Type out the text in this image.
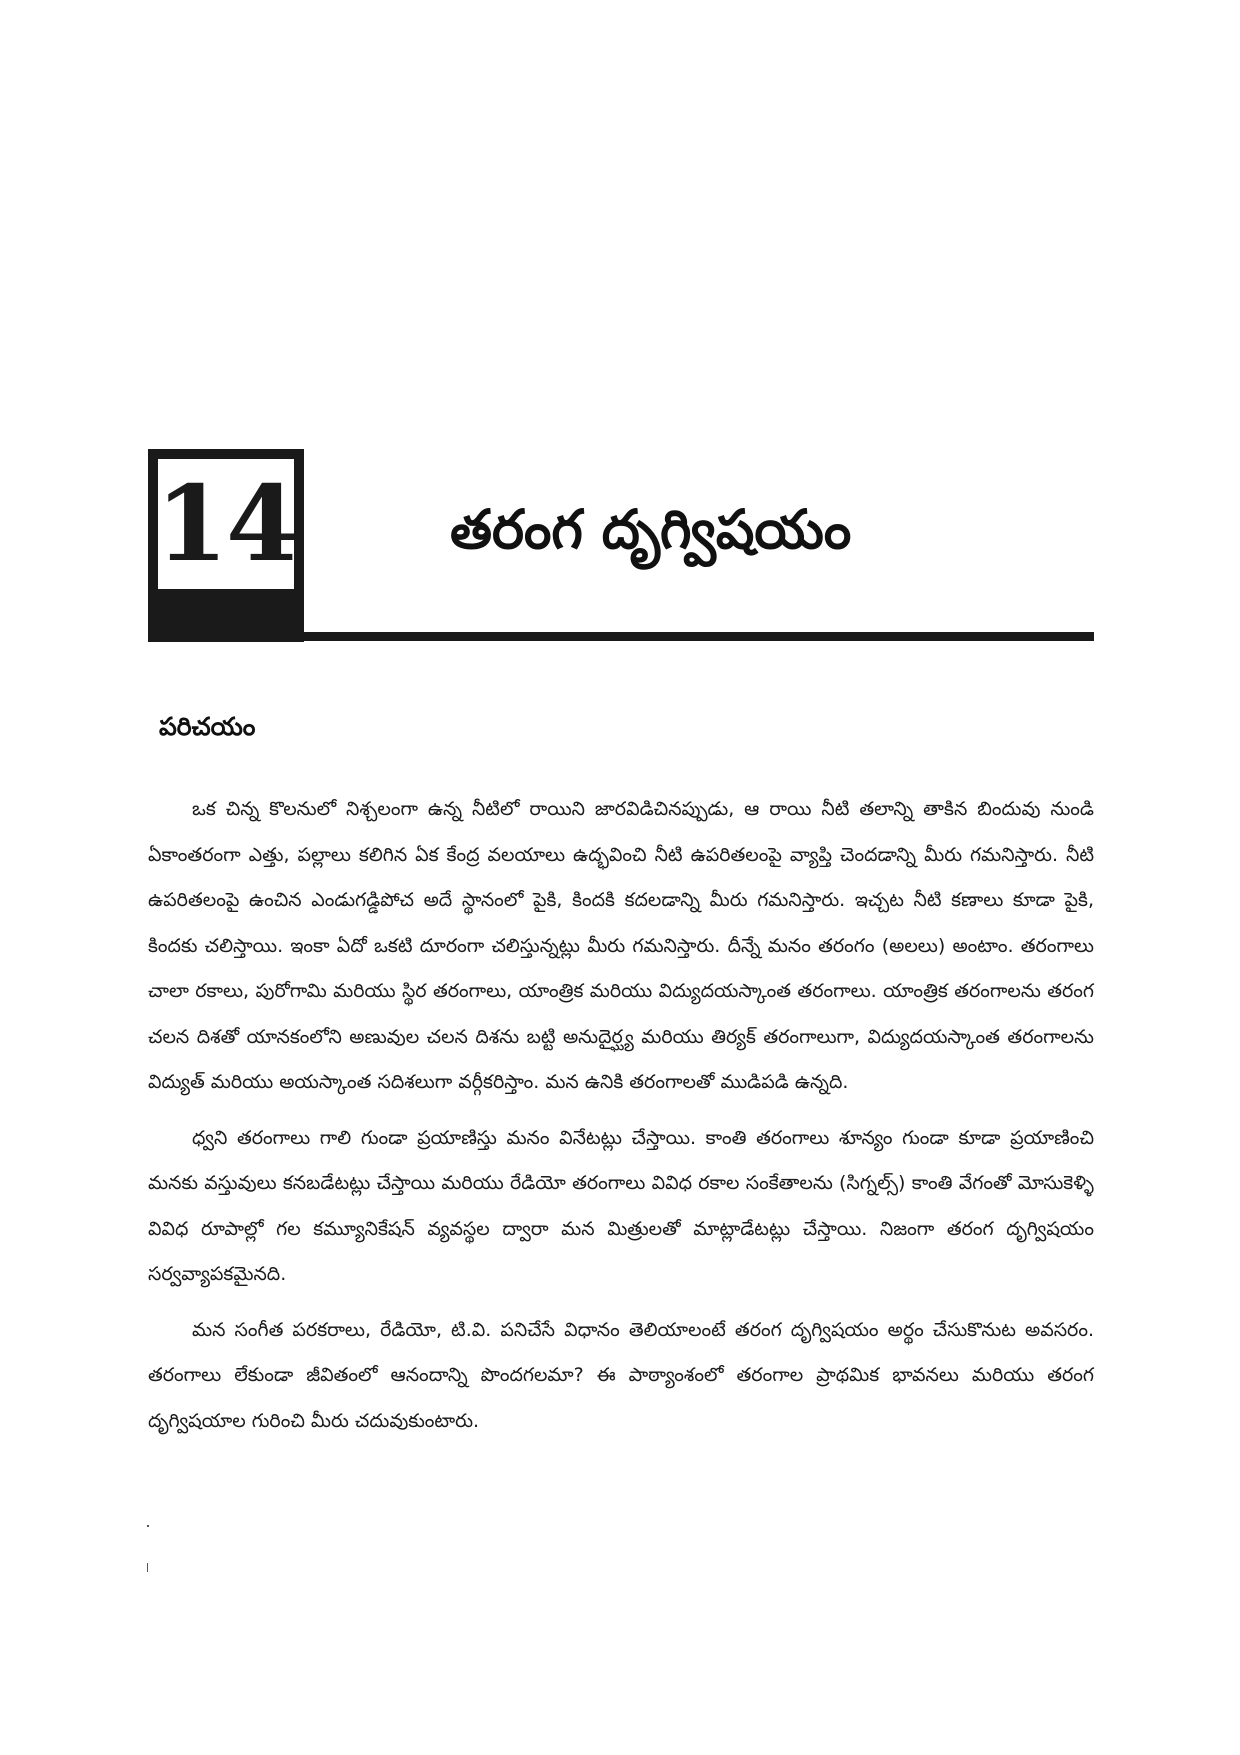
14	తరంగ దృగ్విషయం
పరిచయం

ఒక చిన్న కొలనులో నిశ్చలంగా ఉన్న నీటిలో రాయిని జారవిడిచినప్పుడు, ఆ రాయి నీటి తలాన్ని తాకిన బిందువు నుండి ఏకాంతరంగా ఎత్తు, పల్లాలు కలిగిన ఏక కేంద్ర వలయాలు ఉద్భవించి నీటి ఉపరితలంపై వ్యాప్తి చెందడాన్ని మీరు గమనిస్తారు. నీటి ఉపరితలంపై ఉంచిన ఎండుగడ్డిపోచ అదే స్థానంలో పైకి, కిందకి కదలడాన్ని మీరు గమనిస్తారు. ఇచ్చట నీటి కణాలు కూడా పైకి, కిందకు చలిస్తాయి. ఇంకా ఏదో ఒకటి దూరంగా చలిస్తున్నట్లు మీరు గమనిస్తారు. దీన్నే మనం తరంగం (అలలు) అంటాం. తరంగాలు చాలా రకాలు, పురోగామి మరియు స్థిర తరంగాలు, యాంత్రిక మరియు విద్యుదయస్కాంత తరంగాలు. యాంత్రిక తరంగాలను తరంగ చలన దిశతో యానకంలోని అణువుల చలన దిశను బట్టి అనుదైర్ఘ్య మరియు తిర్యక్ తరంగాలుగా, విద్యుదయస్కాంత తరంగాలను విద్యుత్ మరియు అయస్కాంత సదిశలుగా వర్గీకరిస్తాం. మన ఉనికి తరంగాలతో ముడిపడి ఉన్నది.

ధ్వని తరంగాలు గాలి గుండా ప్రయాణిస్తు మనం వినేటట్లు చేస్తాయి. కాంతి తరంగాలు శూన్యం గుండా కూడా ప్రయాణించి మనకు వస్తువులు కనబడేటట్లు చేస్తాయి మరియు రేడియో తరంగాలు వివిధ రకాల సంకేతాలను (సిగ్నల్స్) కాంతి వేగంతో మోసుకెళ్ళి వివిధ రూపాల్లో గల కమ్యూనికేషన్ వ్యవస్థల ద్వారా మన మిత్రులతో మాట్లాడేటట్లు చేస్తాయి. నిజంగా తరంగ దృగ్విషయం సర్వవ్యాపకమైనది.

మన సంగీత పరకరాలు, రేడియో, టి.వి. పనిచేసే విధానం తెలియాలంటే తరంగ దృగ్విషయం అర్థం చేసుకొనుట అవసరం. తరంగాలు లేకుండా జీవితంలో ఆనందాన్ని పొందగలమా? ఈ పాఠ్యాంశంలో తరంగాల ప్రాథమిక భావనలు మరియు తరంగ దృగ్విషయాల గురించి మీరు చదువుకుంటారు.
